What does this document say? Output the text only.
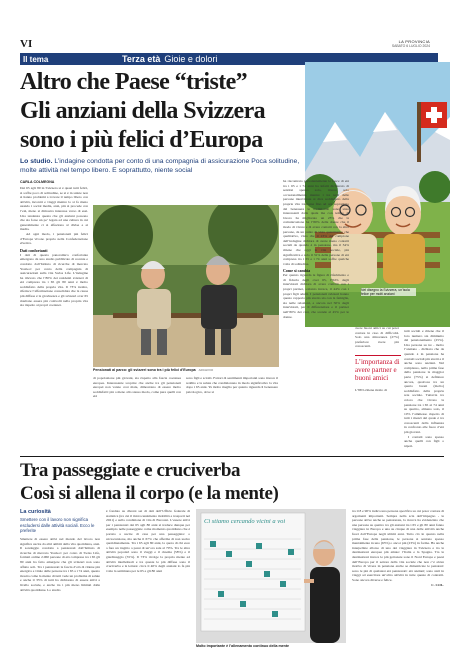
VI	LA PROVINCIA
SABATO 6 LUGLIO 2024
Il tema	Terza età Gioie e dolori
Altro che Paese “triste”
Gli anziani della Svizzera
sono i più felici d’Europa
Lo studio. L’indagine condotta per conto di una compagnia di assicurazione Poca solitudine, molte attività nel tempo libero. E soprattutto, niente social
Nel disegno la Svizzera, un’isola felice per molti anziani
CARLA COLMEGNA

Dai 65 agli 80 in Svizzera si è quasi tutti felici, si soffre poco di solitudine, se si è in salute non si hanno problemi a trovare il tempo libero con attività, incontri e viaggi mentre lo si fa meno usando i social media, anzi, più si procede con l’età, meno si dimostra interesse verso di essi. Una tendenza questa che gli anziani possono che sia forse un po’ legata ad una cultura in cui generalmente ci si affeziona al divise e ai media.

Ad ogni modo, i pensionati più felici d’Europa vivono proprio nella Confederazione elvetica.

Dati confortanti

I dati di questa panoramica confortante emergono da uno studio pubblicato di recente e condotto dall’Istituto di ricerche di mercato YouGov per conto della compagnia di assicurazioni sulla vita Swiss Life. L’indagine ha rilevato che l’80% dei residenti svizzeri di età compresa tra i 65 gli 80 anni è molto soddisfatto della propria vita. Il 73% inoltre, riferisce l’affermazione consolidata che la causa più diffusa è la giovinezza e gli svizzeri over 65 risultano essere più coinvolti nella propria vita sia rispetto ai propri coetanei.

Pensionati al parco: gli svizzeri sono tra i più felici d’Europa ARCHIVIO
di popolazione più giovani, sia rispetto alla fascia coetanea europea. Interessante scoprire che anche tra gli pensionati europei non vanno così male, dimostrano di essere molto soddisfatti: più o meno allo stesso modo, come pure quelli con età
sono figli e sciolti. Fattori di sentimenti importanti sono invece il reddito e la salute che condizionano in modo significativo la vita dopo i 65 anni. Ya molto meglio per quanto riguarda il benessere psicologico, dove si

ha riscontrato prevalentemente le fasce di età tra i 65 e i 74 anni ha infatti dichiarato di sentirsi spesso solo, invece solo occasionalmente, mentre i tre terzi delle persone intervistate si dice soddisfatto della propria vita trascorsa fino ad ora soprattutto dal benessere le tradizionali sono state interessanti dalle quale ma con tempo di lavoro ha migliorato un 23% che la comunicazione ha l’80% delle donne che il modo di vivere e di avere contatti con la altre persone, da un punto di vista quantitativo che qualitativo, visto che il 23% del campione dell’indagine dichiara di avere meno contatti sociali da quando è in pensione, ma il 34% ritiene che oggi la vita sociale, più significativa e solo il 31% delle persone di età compresa tra i 65 e i 74 anni soffre qualche volta di solitudine.

Come si cambia

Per quanto riguarda le figure di riferimento e di fiducia degli over 65, l’84% degli intervistati dichiara di avere contatti con i propri partner, soltanto invece, il 44% con i propri figli adulti. I pensionati svizzeri hanno questo rapporto più stretto sia con la famiglia, sia nelle relazioni, e ancora nel 50% degli intervistati, per il differenziare e il partner nell’80% dei casi, che scende al 45% per le donne.

avere buoni amici su cui poter contare in caso di difficoltà. Solo una minoranza (27%) preferisce avere più conoscenti.

L’importanza di avere partner e buoni amici
L’86% ritiene molto di

tutti sociali e ritiene che il loro numero sia diminuito dal pensionamento (25%). Una persona su tre - molto l’anziano - dichiara che da quando è in pensione ha contatti sociali più stretti e il anche sono anziani. Nel complesso, nella prima fase della pensione la maggior parte (75%) si definisce ancora, qualcosa tra un quarto buoni (molto) soddisfatto della propria rete sociale. Tuttavia tra coloro che vivono la pensione tra i 65 ai 74 anni su quattro, almeno solo, il 10% l’ammesso rispetto di tutti i mezzi del quale è tra conoscenti della influenza in confronto alle fasce d’età più giovani.

I contatti sono spesso anche quelli con figli o nipoti.

Tra passeggiate e cruciverba
Così si allena il corpo (e la mente)
La curiosità
Smettere con il lavoro non significa escludersi dalle attività sociali. Ecco le preferite
Smettere di essere attivi nel mondo del lavoro non significa uscire da altri ambiti della vita quotidiana, anzi. Il sondaggio condotto a pensionati dall’Istituto di ricerche di mercato YouGov per conto di Swiss Life, formati online 2.060 persone di età compresa tra i 65 gli 80 anni ha fatto emergere che gli svizzeri non sono affatto soli. Tra i pensionati la fascia d’età di ritiene più energica e vitale delle persone tra i 65 a i 74 anni, questo mostra come la mente di tutti vede un problema di salute e anche il 35% di tutti ha dichiarato di essere attivi a livello sociale, e anche tra i più meno limitati dalle attività quotidiane. Lo studio
è fondato su diversi set di dati dell’Ufficio federale di statistica (tra cui il microcensimento mobilità e trasporti nel 2021) e sulla condizione di vita di Eurostat. L’essere attivi per i pensionati dai 65 agli 80 anni si traduce dunque per esempio nelle passeggiate come momento quotidiano che è portato a uscire di casa per una passeggiata: o un’escursione, ma anche il 67% che afferma di non uscire quotidianamente. Tra i 65 agli 80 anni, la quota di chi esce a fare un tragitto a passi di un’ora sale al 70%. Tra le altre attività popolari sono il viaggi e il cinema (58%) e il giardinaggio (55%). Il 73% rivolge la propria mente ad attività intellettuali e tra queste le più diffuse sono il cruciverba e la lettura: circa il 40% degli anziani lo fa più volte la settimana per le 65 e gli 80 anni
Ci stiamo cercando vicini a voi
Molto importante è l’allenamento continuo della mente

tra il 8 e 90% indica una persona specifica su cui poter contare di argomenti importanti. Sempre nella scia dell’impegno - le persone attive anche se pensionate, la ricerca ha evidenziato che una persona su quattro tra gli anziani tra i 65 e gli 80 anni fanno viaggiare in Europa e una su cinque di una delle attività anche fuori dall’Europa negli ultimi anni. Tutto ciò in quanto nella prima fase della pensione, le persone si sentono spesso mentalmente in uno (63%) o ancor più (23%) in forma. Ha anche interpellate allorso di uno dei viaggiare in Svizzera e tra le destinazioni europee più amate: l’Italia e la Spagna. Tra le destinazioni invece le più gettonate sono il Nord Europa e paesi dell’Europa per il settore della vita sociale che non c’è alcun motivo di vivere in pensione anche se dimenticate le pensioni: sono le più di qualsiasi età pensionati: età anziani; sono stati in viaggi ad esercitare un’altra attività in tutte queste di contratti. Sono ancora diverse e felice.

C. COL.
